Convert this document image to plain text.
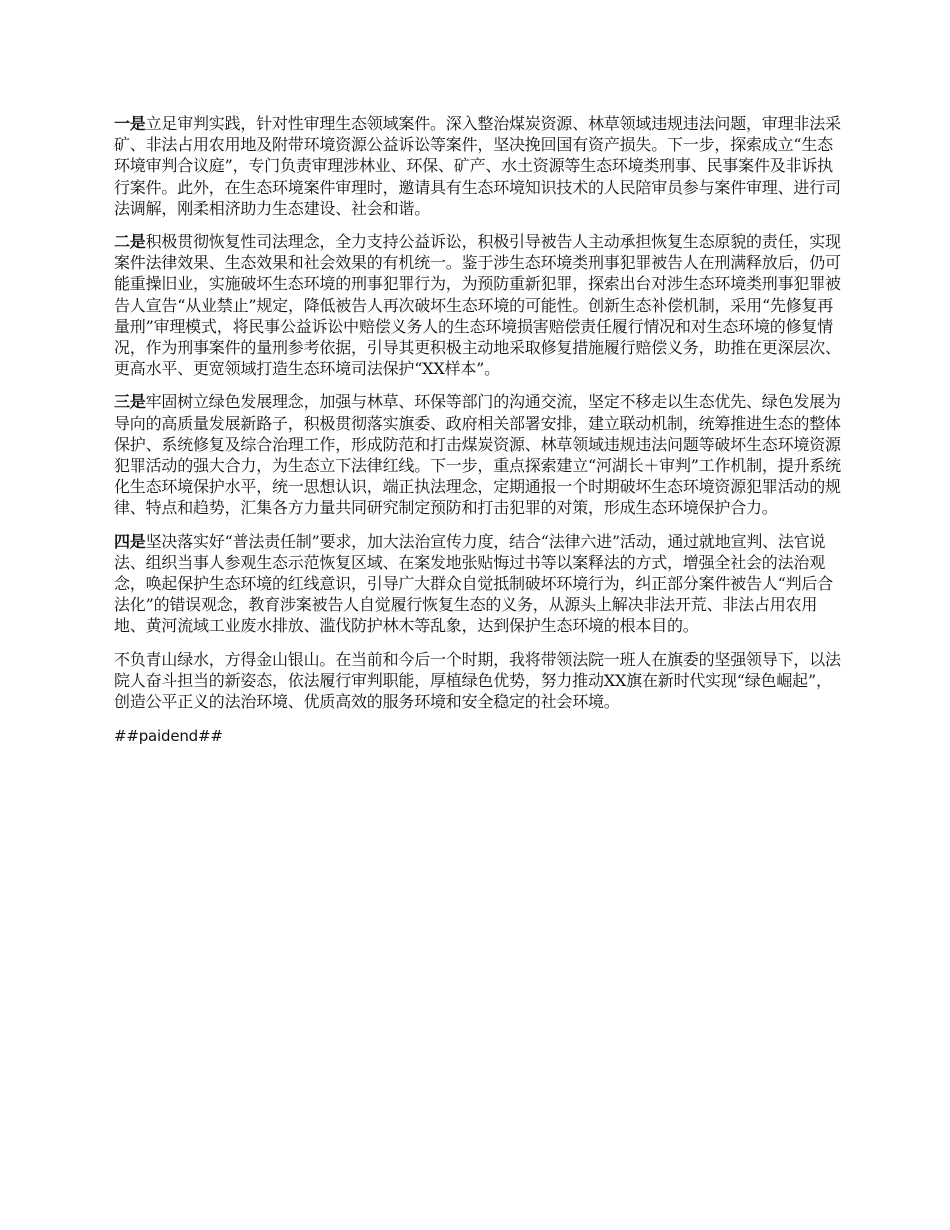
一是立足审判实践，针对性审理生态领域案件。深入整治煤炭资源、林草领域违规违法问题，审理非法采矿、非法占用农用地及附带环境资源公益诉讼等案件，坚决挽回国有资产损失。下一步，探索成立“生态环境审判合议庭”，专门负责审理涉林业、环保、矿产、水土资源等生态环境类刑事、民事案件及非诉执行案件。此外，在生态环境案件审理时，邀请具有生态环境知识技术的人民陪审员参与案件审理、进行司法调解，刚柔相济助力生态建设、社会和谐。

二是积极贯彻恢复性司法理念，全力支持公益诉讼，积极引导被告人主动承担恢复生态原貌的责任，实现案件法律效果、生态效果和社会效果的有机统一。鉴于涉生态环境类刑事犯罪被告人在刑满释放后，仍可能重操旧业，实施破坏生态环境的刑事犯罪行为，为预防重新犯罪，探索出台对涉生态环境类刑事犯罪被告人宣告“从业禁止”规定，降低被告人再次破坏生态环境的可能性。创新生态补偿机制，采用“先修复再量刑”审理模式，将民事公益诉讼中赔偿义务人的生态环境损害赔偿责任履行情况和对生态环境的修复情况，作为刑事案件的量刑参考依据，引导其更积极主动地采取修复措施履行赔偿义务，助推在更深层次、更高水平、更宽领域打造生态环境司法保护“XX样本”。

三是牢固树立绿色发展理念，加强与林草、环保等部门的沟通交流，坚定不移走以生态优先、绿色发展为导向的高质量发展新路子，积极贯彻落实旗委、政府相关部署安排，建立联动机制，统筹推进生态的整体保护、系统修复及综合治理工作，形成防范和打击煤炭资源、林草领域违规违法问题等破坏生态环境资源犯罪活动的强大合力，为生态立下法律红线。下一步，重点探索建立“河湖长＋审判”工作机制，提升系统化生态环境保护水平，统一思想认识，端正执法理念，定期通报一个时期破坏生态环境资源犯罪活动的规律、特点和趋势，汇集各方力量共同研究制定预防和打击犯罪的对策，形成生态环境保护合力。

四是坚决落实好“普法责任制”要求，加大法治宣传力度，结合“法律六进”活动，通过就地宣判、法官说法、组织当事人参观生态示范恢复区域、在案发地张贴悔过书等以案释法的方式，增强全社会的法治观念，唤起保护生态环境的红线意识，引导广大群众自觉抵制破坏环境行为，纠正部分案件被告人“判后合法化”的错误观念，教育涉案被告人自觉履行恢复生态的义务，从源头上解决非法开荒、非法占用农用地、黄河流域工业废水排放、滥伐防护林木等乱象，达到保护生态环境的根本目的。

不负青山绿水，方得金山银山。在当前和今后一个时期，我将带领法院一班人在旗委的坚强领导下，以法院人奋斗担当的新姿态，依法履行审判职能，厚植绿色优势，努力推动XX旗在新时代实现“绿色崛起”，创造公平正义的法治环境、优质高效的服务环境和安全稳定的社会环境。

##paidend##
